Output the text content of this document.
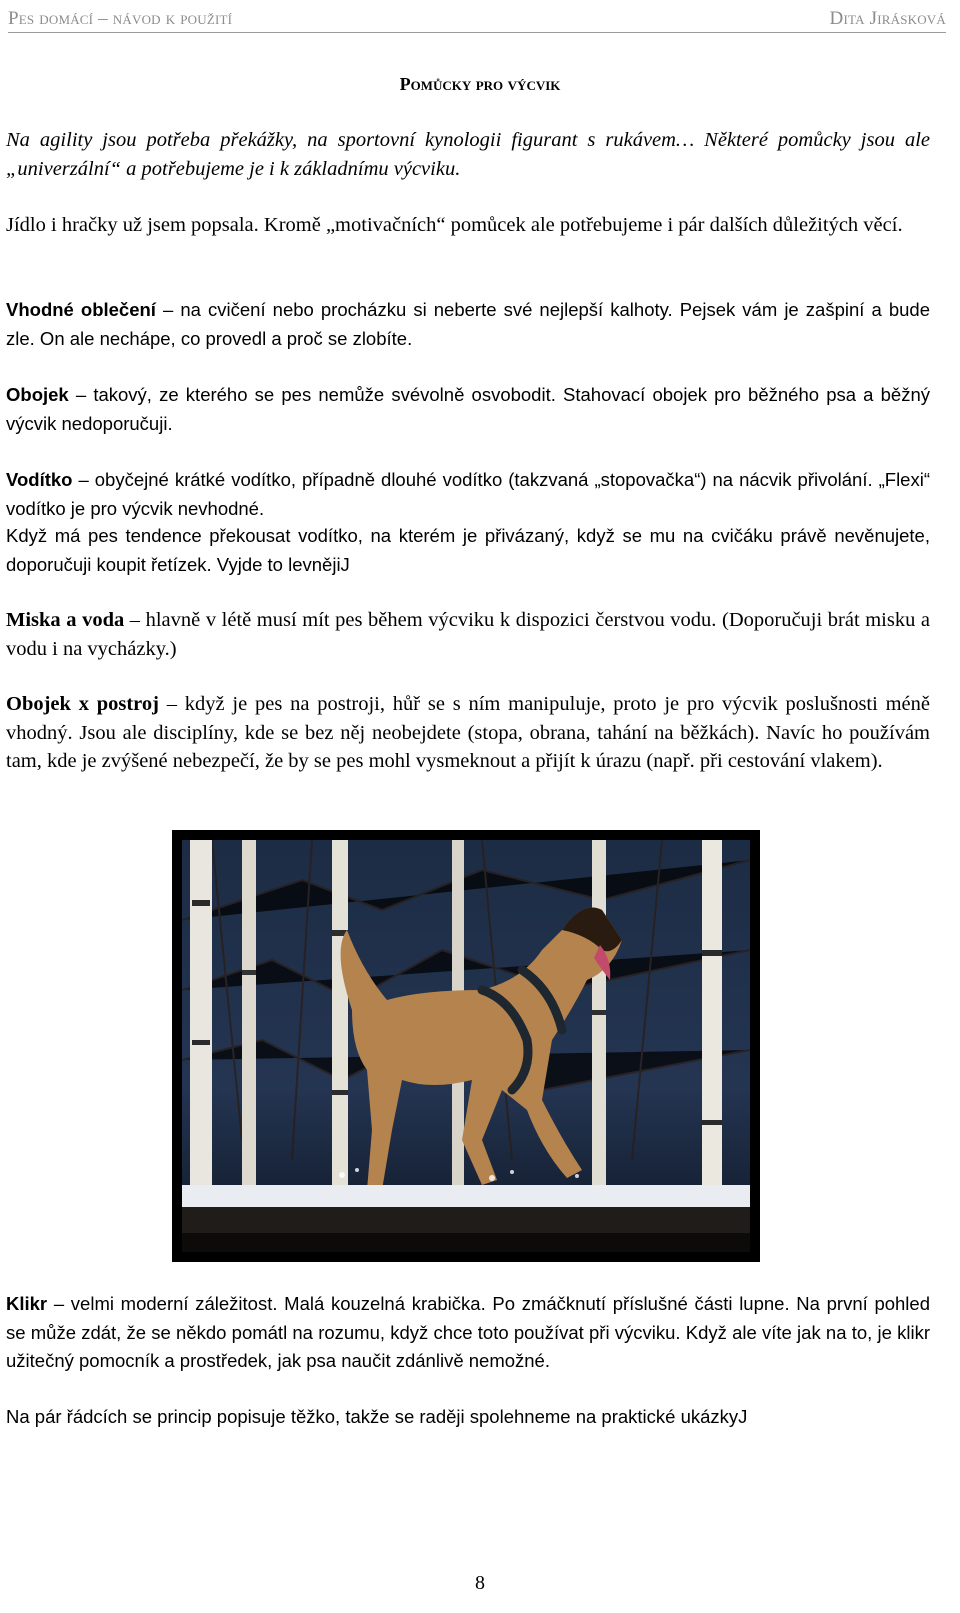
Pes domácí – návod k použití	Dita Jirásková
Pomůcky pro výcvik
Na agility jsou potřeba překážky, na sportovní kynologii figurant s rukávem… Některé pomůcky jsou ale „univerzální“ a potřebujeme je i k základnímu výcviku.
Jídlo i hračky už jsem popsala. Kromě „motivačních“ pomůcek ale potřebujeme i pár dalších důležitých věcí.
Vhodné oblečení – na cvičení nebo procházku si neberte své nejlepší kalhoty. Pejsek vám je zašpiní a bude zle. On ale nechápe, co provedl a proč se zlobíte.
Obojek – takový, ze kterého se pes nemůže svévolně osvobodit. Stahovací obojek pro běžného psa a běžný výcvik nedoporučuji.
Vodítko – obyčejné krátké vodítko, případně dlouhé vodítko (takzvaná „stopovačka“) na nácvik přivolání. „Flexi“ vodítko je pro výcvik nevhodné.
Když má pes tendence překousat vodítko, na kterém je přivázaný, když se mu na cvičáku právě nevěnujete, doporučuji koupit řetízek. Vyjde to levnějiJ
Miska a voda – hlavně v létě musí mít pes během výcviku k dispozici čerstvou vodu. (Doporučuji brát misku a vodu i na vycházky.)
Obojek x postroj – když je pes na postroji, hůř se s ním manipuluje, proto je pro výcvik poslušnosti méně vhodný. Jsou ale disciplíny, kde se bez něj neobejdete (stopa, obrana, tahání na běžkách). Navíc ho používám tam, kde je zvýšené nebezpečí, že by se pes mohl vysmeknout a přijít k úrazu (např. při cestování vlakem).
Klikr – velmi moderní záležitost. Malá kouzelná krabička. Po zmáčknutí příslušné části lupne. Na první pohled se může zdát, že se někdo pomátl na rozumu, když chce toto používat při výcviku. Když ale víte jak na to, je klikr užitečný pomocník a prostředek, jak psa naučit zdánlivě nemožné.
Na pár řádcích se princip popisuje těžko, takže se raději spolehneme na praktické ukázkyJ
8
